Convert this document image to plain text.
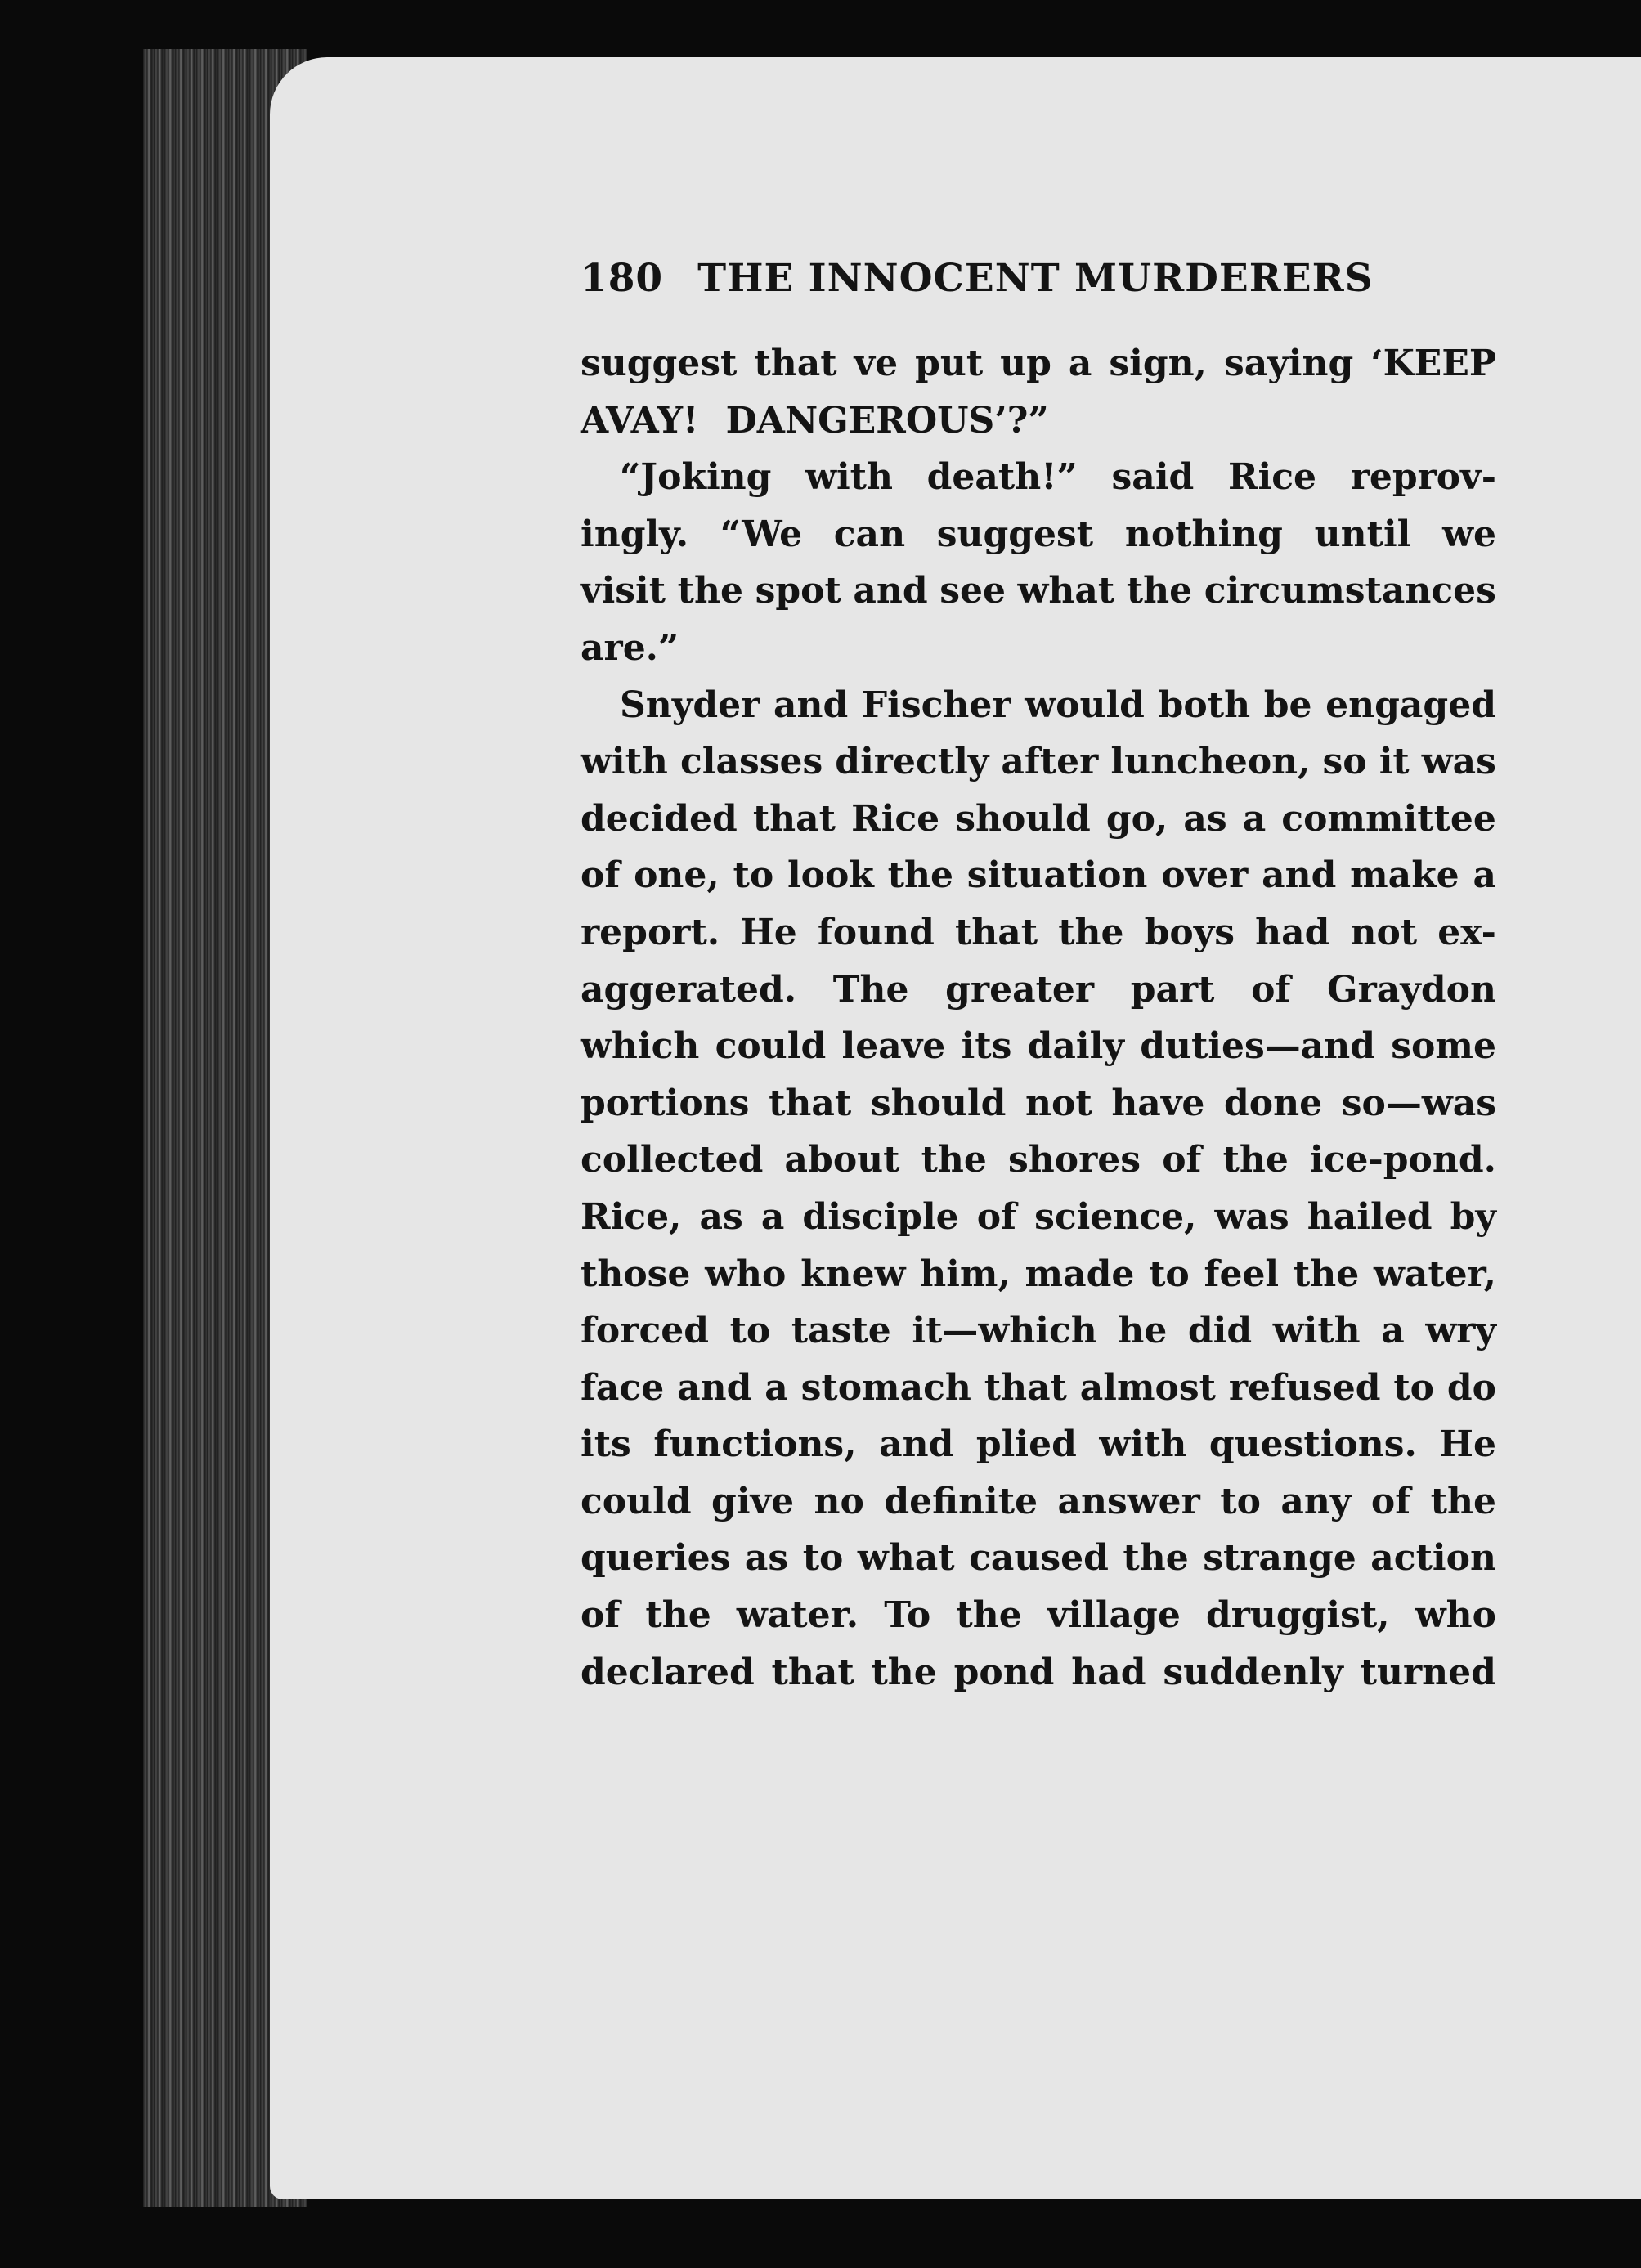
180 THE INNOCENT MURDERERS
suggest that ve put up a sign, saying ‘KEEP
AVAY! DANGEROUS’?”
“Joking with death!” said Rice reprov-
ingly. “We can suggest nothing until we
visit the spot and see what the circumstances
are.”
Snyder and Fischer would both be engaged
with classes directly after luncheon, so it was
decided that Rice should go, as a committee
of one, to look the situation over and make a
report. He found that the boys had not ex-
aggerated. The greater part of Graydon
which could leave its daily duties—and some
portions that should not have done so—was
collected about the shores of the ice-pond.
Rice, as a disciple of science, was hailed by
those who knew him, made to feel the water,
forced to taste it—which he did with a wry
face and a stomach that almost refused to do
its functions, and plied with questions. He
could give no definite answer to any of the
queries as to what caused the strange action
of the water. To the village druggist, who
declared that the pond had suddenly turned
